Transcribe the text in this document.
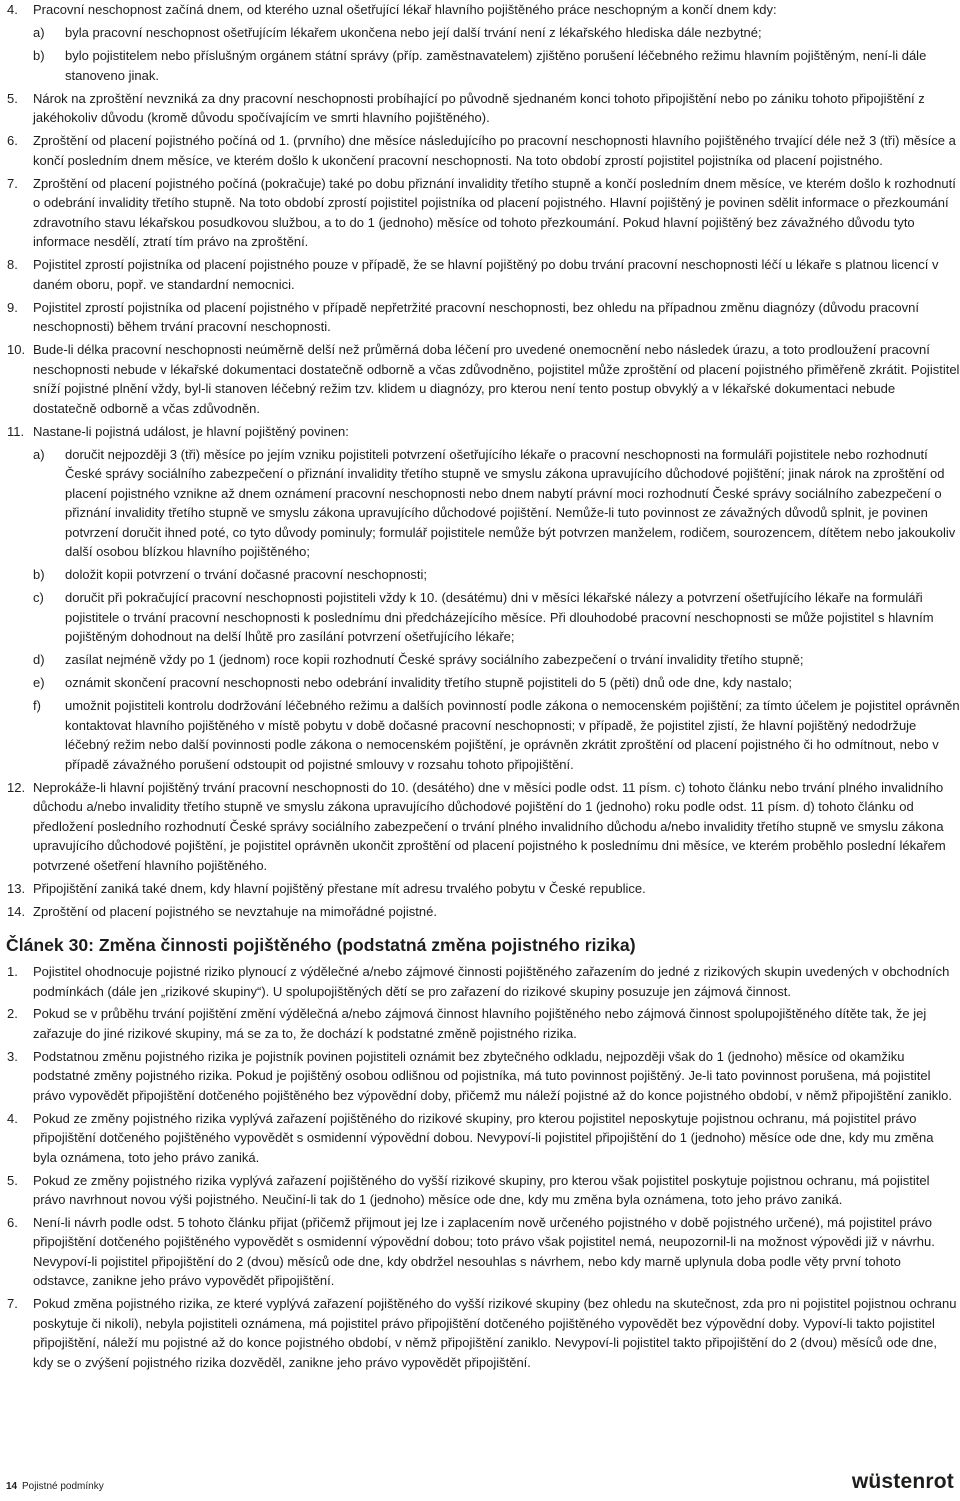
4. Pracovní neschopnost začíná dnem, od kterého uznal ošetřující lékař hlavního pojištěného práce neschopným a končí dnem kdy:
a) byla pracovní neschopnost ošetřujícím lékařem ukončena nebo její další trvání není z lékařského hlediska dále nezbytné;
b) bylo pojistitelem nebo příslušným orgánem státní správy (příp. zaměstnavatelem) zjištěno porušení léčebného režimu hlavním pojištěným, není-li dále stanoveno jinak.
5. Nárok na zproštění nevzniká za dny pracovní neschopnosti probíhající po původně sjednaném konci tohoto připojištění nebo po zániku tohoto připojištění z jakéhokoliv důvodu (kromě důvodu spočívajícím ve smrti hlavního pojištěného).
6. Zproštění od placení pojistného počíná od 1. (prvního) dne měsíce následujícího po pracovní neschopnosti hlavního pojištěného trvající déle než 3 (tři) měsíce a končí posledním dnem měsíce, ve kterém došlo k ukončení pracovní neschopnosti. Na toto období zprostí pojistitel pojistníka od placení pojistného.
7. Zproštění od placení pojistného počíná (pokračuje) také po dobu přiznání invalidity třetího stupně a končí posledním dnem měsíce, ve kterém došlo k rozhodnutí o odebrání invalidity třetího stupně. Na toto období zprostí pojistitel pojistníka od placení pojistného. Hlavní pojištěný je povinen sdělit informace o přezkoumání zdravotního stavu lékařskou posudkovou službou, a to do 1 (jednoho) měsíce od tohoto přezkoumání. Pokud hlavní pojištěný bez závažného důvodu tyto informace nesdělí, ztratí tím právo na zproštění.
8. Pojistitel zprostí pojistníka od placení pojistného pouze v případě, že se hlavní pojištěný po dobu trvání pracovní neschopnosti léčí u lékaře s platnou licencí v daném oboru, popř. ve standardní nemocnici.
9. Pojistitel zprostí pojistníka od placení pojistného v případě nepřetržité pracovní neschopnosti, bez ohledu na případnou změnu diagnózy (důvodu pracovní neschopnosti) během trvání pracovní neschopnosti.
10. Bude-li délka pracovní neschopnosti neúměrně delší než průměrná doba léčení pro uvedené onemocnění nebo následek úrazu, a toto prodloužení pracovní neschopnosti nebude v lékařské dokumentaci dostatečně odborně a včas zdůvodněno, pojistitel může zproštění od placení pojistného přiměřeně zkrátit. Pojistitel sníží pojistné plnění vždy, byl-li stanoven léčebný režim tzv. klidem u diagnózy, pro kterou není tento postup obvyklý a v lékařské dokumentaci nebude dostatečně odborně a včas zdůvodněn.
11. Nastane-li pojistná událost, je hlavní pojištěný povinen:
a) doručit nejpozději 3 (tři) měsíce po jejím vzniku pojistiteli potvrzení ošetřujícího lékaře o pracovní neschopnosti na formuláři pojistitele nebo rozhodnutí České správy sociálního zabezpečení o přiznání invalidity třetího stupně ve smyslu zákona upravujícího důchodové pojištění; jinak nárok na zproštění od placení pojistného vznikne až dnem oznámení pracovní neschopnosti nebo dnem nabytí právní moci rozhodnutí České správy sociálního zabezpečení o přiznání invalidity třetího stupně ve smyslu zákona upravujícího důchodové pojištění. Nemůže-li tuto povinnost ze závažných důvodů splnit, je povinen potvrzení doručit ihned poté, co tyto důvody pominuly; formulář pojistitele nemůže být potvrzen manželem, rodičem, sourozencem, dítětem nebo jakoukoliv další osobou blízkou hlavního pojištěného;
b) doložit kopii potvrzení o trvání dočasné pracovní neschopnosti;
c) doručit při pokračující pracovní neschopnosti pojistiteli vždy k 10. (desátému) dni v měsíci lékařské nálezy a potvrzení ošetřujícího lékaře na formuláři pojistitele o trvání pracovní neschopnosti k poslednímu dni předcházejícího měsíce. Při dlouhodobé pracovní neschopnosti se může pojistitel s hlavním pojištěným dohodnout na delší lhůtě pro zasílání potvrzení ošetřujícího lékaře;
d) zasílat nejméně vždy po 1 (jednom) roce kopii rozhodnutí České správy sociálního zabezpečení o trvání invalidity třetího stupně;
e) oznámit skončení pracovní neschopnosti nebo odebrání invalidity třetího stupně pojistiteli do 5 (pěti) dnů ode dne, kdy nastalo;
f) umožnit pojistiteli kontrolu dodržování léčebného režimu a dalších povinností podle zákona o nemocenském pojištění; za tímto účelem je pojistitel oprávněn kontaktovat hlavního pojištěného v místě pobytu v době dočasné pracovní neschopnosti; v případě, že pojistitel zjistí, že hlavní pojištěný nedodržuje léčebný režim nebo další povinnosti podle zákona o nemocenském pojištění, je oprávněn zkrátit zproštění od placení pojistného či ho odmítnout, nebo v případě závažného porušení odstoupit od pojistné smlouvy v rozsahu tohoto připojištění.
12. Neprokáže-li hlavní pojištěný trvání pracovní neschopnosti do 10. (desátého) dne v měsíci podle odst. 11 písm. c) tohoto článku nebo trvání plného invalidního důchodu a/nebo invalidity třetího stupně ve smyslu zákona upravujícího důchodové pojištění do 1 (jednoho) roku podle odst. 11 písm. d) tohoto článku od předložení posledního rozhodnutí České správy sociálního zabezpečení o trvání plného invalidního důchodu a/nebo invalidity třetího stupně ve smyslu zákona upravujícího důchodové pojištění, je pojistitel oprávněn ukončit zproštění od placení pojistného k poslednímu dni měsíce, ve kterém proběhlo poslední lékařem potvrzené ošetření hlavního pojištěného.
13. Připojištění zaniká také dnem, kdy hlavní pojištěný přestane mít adresu trvalého pobytu v České republice.
14. Zproštění od placení pojistného se nevztahuje na mimořádné pojistné.
Článek 30: Změna činnosti pojištěného (podstatná změna pojistného rizika)
1. Pojistitel ohodnocuje pojistné riziko plynoucí z výdělečné a/nebo zájmové činnosti pojištěného zařazením do jedné z rizikových skupin uvedených v obchodních podmínkách (dále jen „rizikové skupiny“). U spolupojištěných dětí se pro zařazení do rizikové skupiny posuzuje jen zájmová činnost.
2. Pokud se v průběhu trvání pojištění změní výdělečná a/nebo zájmová činnost hlavního pojištěného nebo zájmová činnost spolupojištěného dítěte tak, že jej zařazuje do jiné rizikové skupiny, má se za to, že dochází k podstatné změně pojistného rizika.
3. Podstatnou změnu pojistného rizika je pojistník povinen pojistiteli oznámit bez zbytečného odkladu, nejpozději však do 1 (jednoho) měsíce od okamžiku podstatné změny pojistného rizika. Pokud je pojištěný osobou odlišnou od pojistníka, má tuto povinnost pojištěný. Je-li tato povinnost porušena, má pojistitel právo vypovědět připojištění dotčeného pojištěného bez výpovědní doby, přičemž mu náleží pojistné až do konce pojistného období, v němž připojištění zaniklo.
4. Pokud ze změny pojistného rizika vyplývá zařazení pojištěného do rizikové skupiny, pro kterou pojistitel neposkytuje pojistnou ochranu, má pojistitel právo připojištění dotčeného pojištěného vypovědět s osmidenní výpovědní dobou. Nevypoví-li pojistitel připojištění do 1 (jednoho) měsíce ode dne, kdy mu změna byla oznámena, toto jeho právo zaniká.
5. Pokud ze změny pojistného rizika vyplývá zařazení pojištěného do vyšší rizikové skupiny, pro kterou však pojistitel poskytuje pojistnou ochranu, má pojistitel právo navrhnout novou výši pojistného. Neučiní-li tak do 1 (jednoho) měsíce ode dne, kdy mu změna byla oznámena, toto jeho právo zaniká.
6. Není-li návrh podle odst. 5 tohoto článku přijat (přičemž přijmout jej lze i zaplacením nově určeného pojistného v době pojistného určené), má pojistitel právo připojištění dotčeného pojištěného vypovědět s osmidenní výpovědní dobou; toto právo však pojistitel nemá, neupozornil-li na možnost výpovědi již v návrhu. Nevypoví-li pojistitel připojištění do 2 (dvou) měsíců ode dne, kdy obdržel nesouhlas s návrhem, nebo kdy marně uplynula doba podle věty první tohoto odstavce, zanikne jeho právo vypovědět připojištění.
7. Pokud změna pojistného rizika, ze které vyplývá zařazení pojištěného do vyšší rizikové skupiny (bez ohledu na skutečnost, zda pro ni pojistitel pojistnou ochranu poskytuje či nikoli), nebyla pojistiteli oznámena, má pojistitel právo připojištění dotčeného pojištěného vypovědět bez výpovědní doby. Vypoví-li takto pojistitel připojištění, náleží mu pojistné až do konce pojistného období, v němž připojištění zaniklo. Nevypoví-li pojistitel takto připojištění do 2 (dvou) měsíců ode dne, kdy se o zvýšení pojistného rizika dozvěděl, zanikne jeho právo vypovědět připojištění.
14 Pojistné podmínky	wüstenrot
